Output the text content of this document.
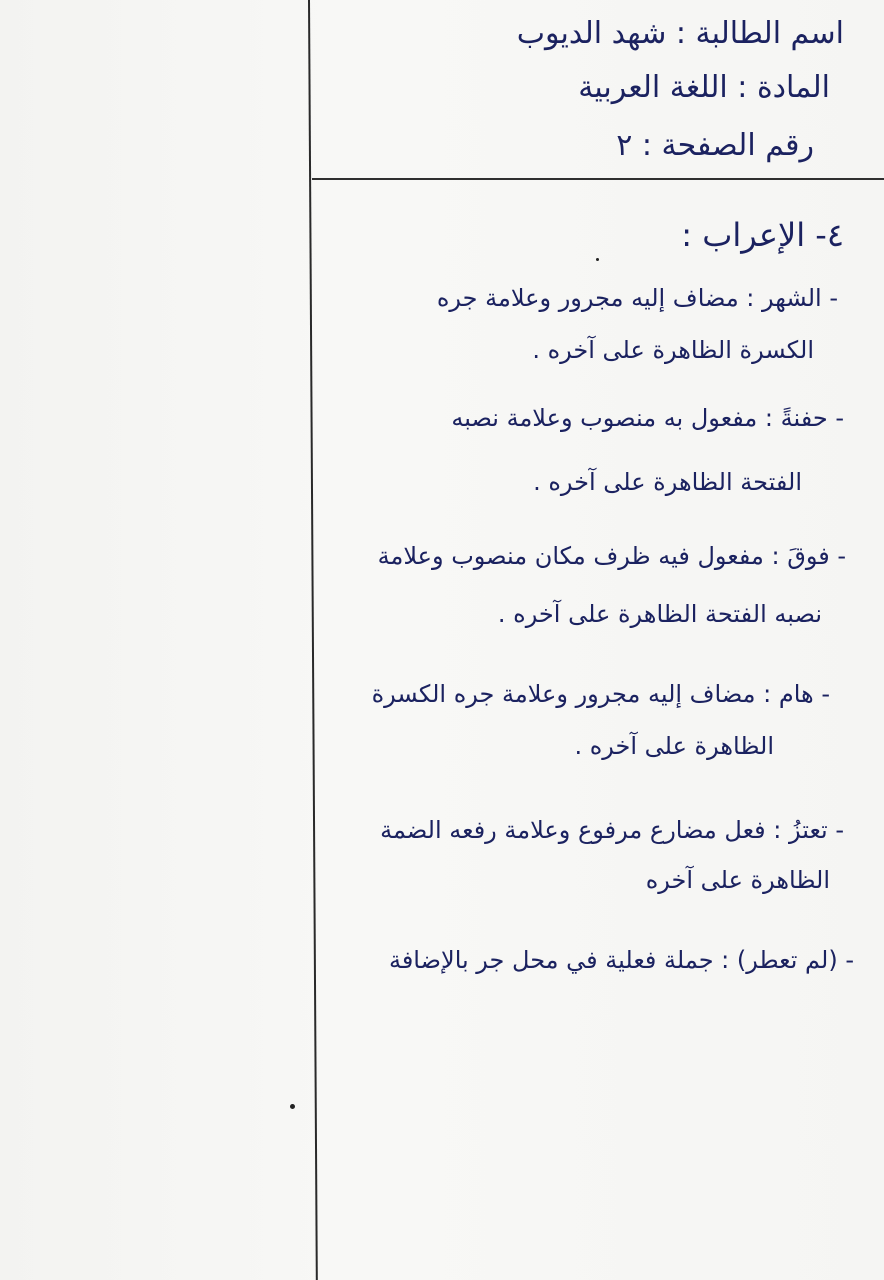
اسم الطالبة : شهد الديوب
المادة : اللغة العربية
رقم الصفحة : ٢
٤- الإعراب :
- الشهر : مضاف إليه مجرور وعلامة جره
الكسرة الظاهرة على آخره .
- حفنةً : مفعول به منصوب وعلامة نصبه
الفتحة الظاهرة على آخره .
- فوقَ : مفعول فيه ظرف مكان منصوب وعلامة
نصبه الفتحة الظاهرة على آخره .
- هام : مضاف إليه مجرور وعلامة جره الكسرة
الظاهرة على آخره .
- تعتزُ : فعل مضارع مرفوع وعلامة رفعه الضمة
الظاهرة على آخره
- (لم تعطر) : جملة فعلية في محل جر بالإضافة
